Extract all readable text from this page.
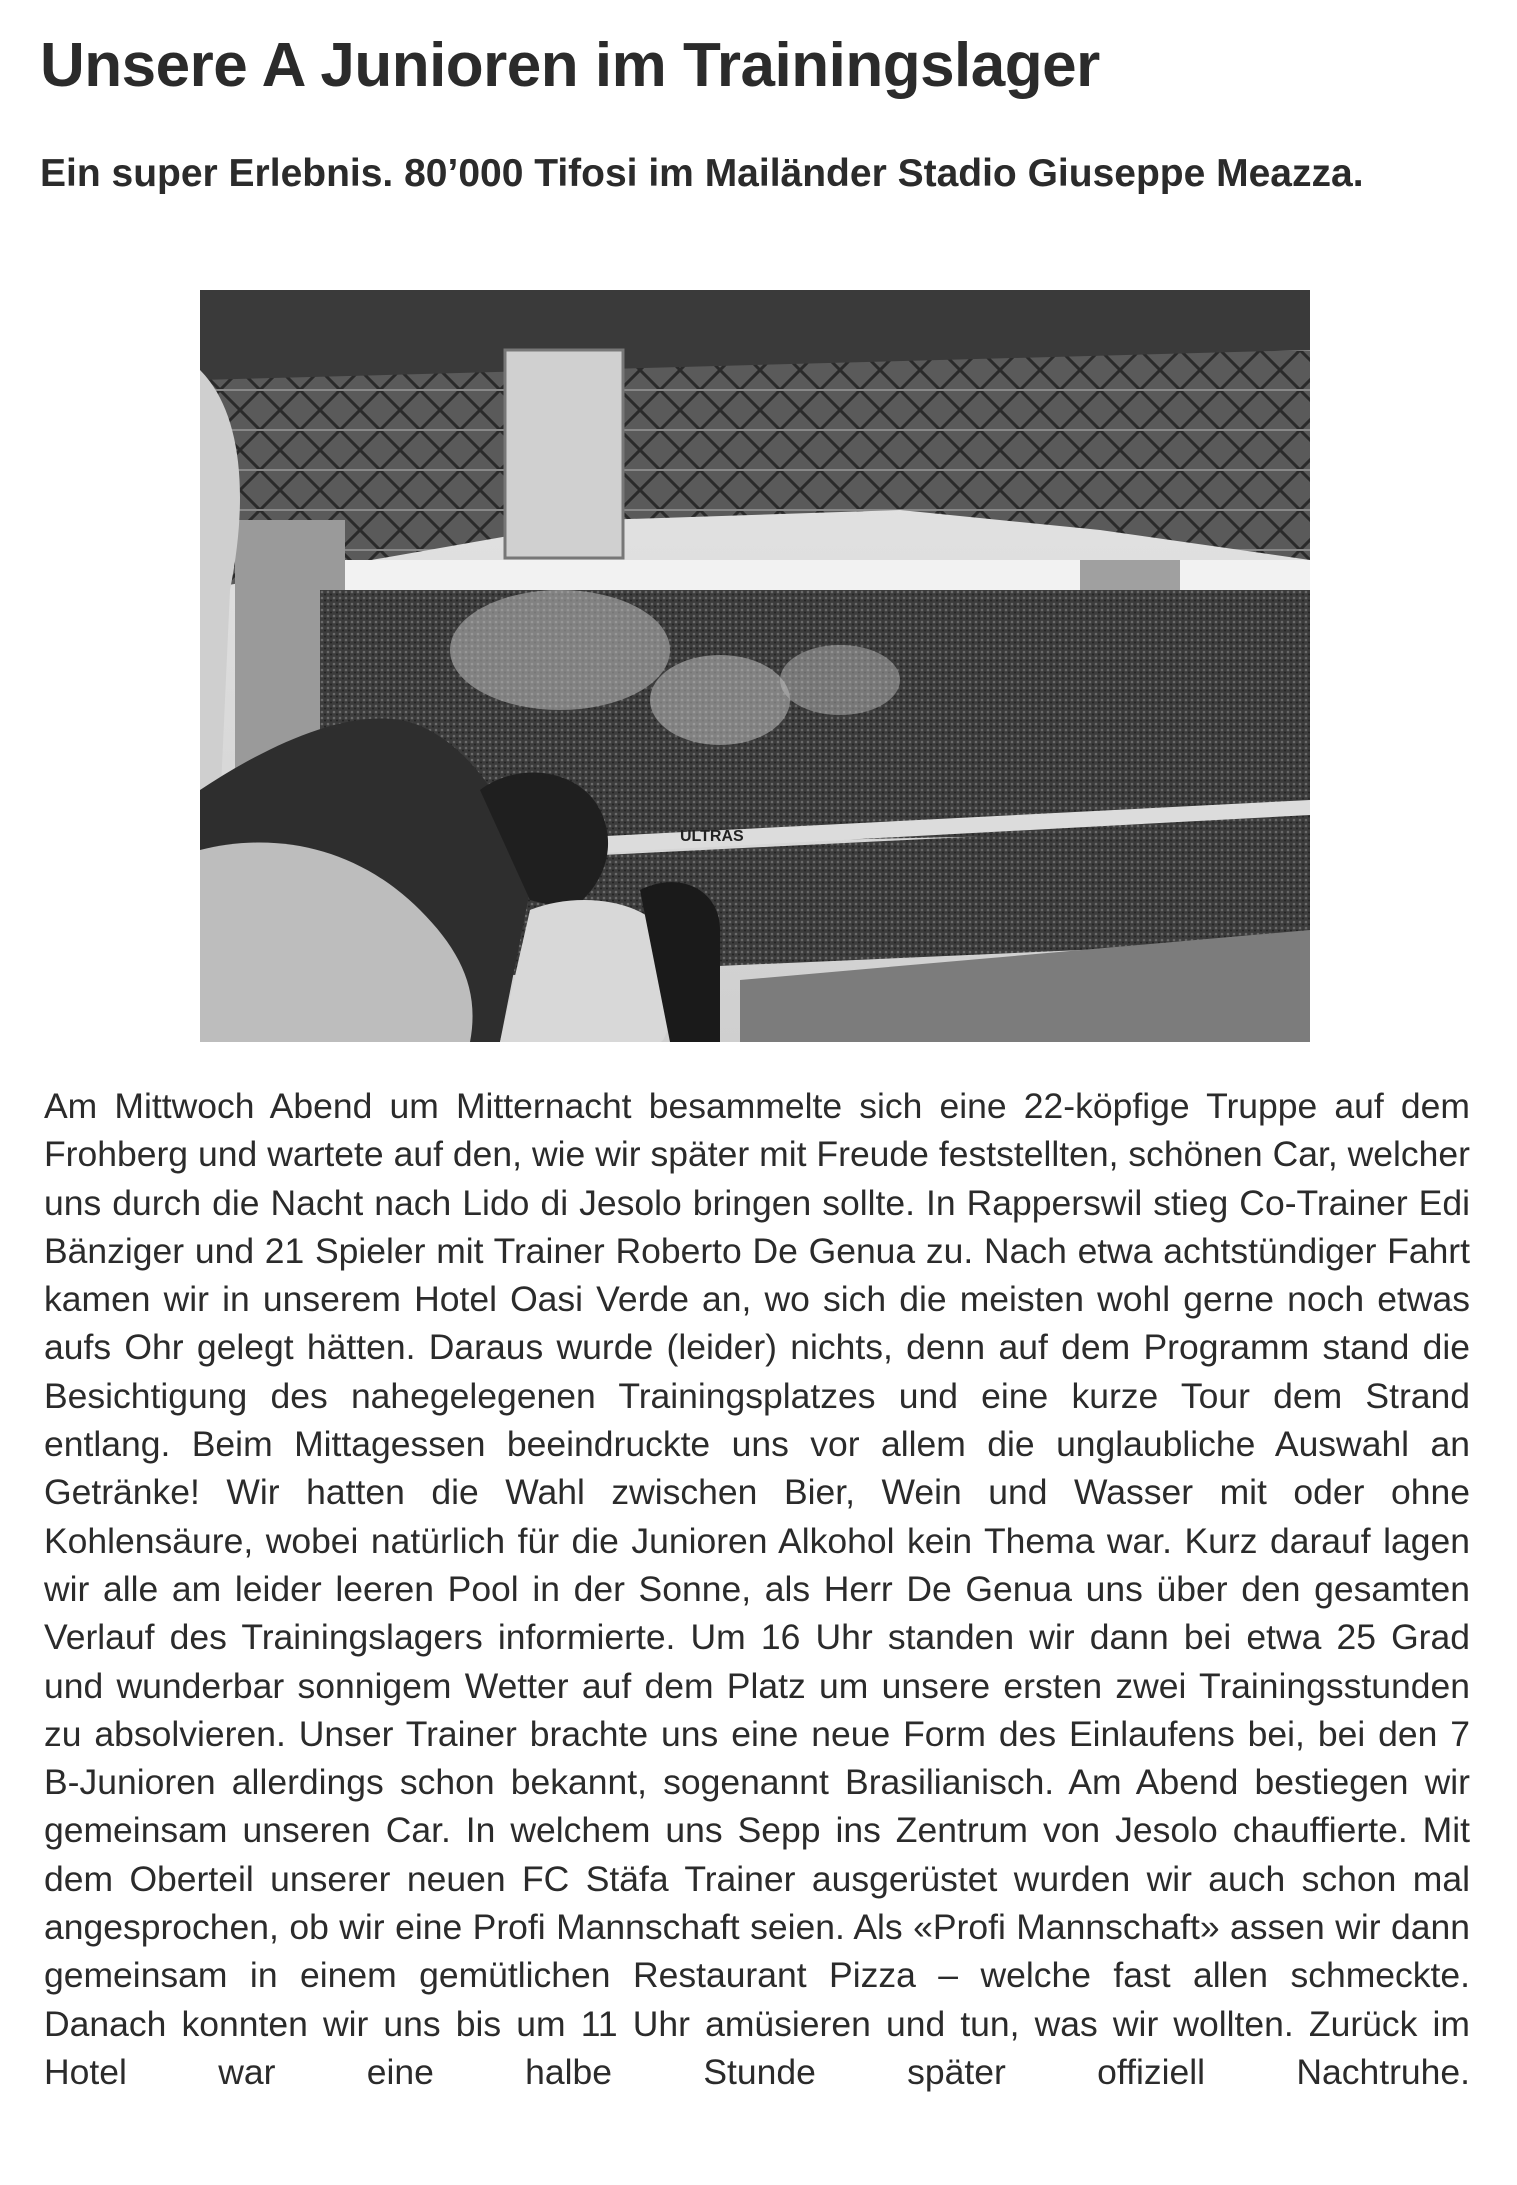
Unsere A Junioren im Trainingslager
Ein super Erlebnis. 80’000 Tifosi im Mailänder Stadio Giuseppe Meazza.
ULTRAS

Am Mittwoch Abend um Mitternacht besammelte sich eine 22-köpfige Truppe auf dem Frohberg und wartete auf den, wie wir später mit Freude feststellten, schönen Car, welcher uns durch die Nacht nach Lido di Jesolo bringen sollte. In Rapperswil stieg Co-Trainer Edi Bänziger und 21 Spieler mit Trainer Roberto De Genua zu. Nach etwa achtstündiger Fahrt kamen wir in unserem Hotel Oasi Verde an, wo sich die meisten wohl gerne noch etwas aufs Ohr gelegt hätten. Daraus wurde (leider) nichts, denn auf dem Programm stand die Besichtigung des nahegelegenen Trainingsplatzes und eine kurze Tour dem Strand entlang. Beim Mittagessen beeindruckte uns vor allem die unglaubliche Auswahl an Getränke! Wir hatten die Wahl zwischen Bier, Wein und Wasser mit oder ohne Kohlensäure, wobei natürlich für die Junioren Alkohol kein Thema war. Kurz darauf lagen wir alle am leider leeren Pool in der Sonne, als Herr De Genua uns über den gesamten Verlauf des Trainingslagers informierte. Um 16 Uhr standen wir dann bei etwa 25 Grad und wunderbar sonnigem Wetter auf dem Platz um unsere ersten zwei Trainingsstunden zu absolvieren. Unser Trainer brachte uns eine neue Form des Einlaufens bei, bei den 7 B-Junioren allerdings schon bekannt, sogenannt Brasilianisch. Am Abend bestiegen wir gemeinsam unseren Car. In welchem uns Sepp ins Zentrum von Jesolo chauffierte. Mit dem Oberteil unserer neuen FC Stäfa Trainer ausgerüstet wurden wir auch schon mal angesprochen, ob wir eine Profi Mannschaft seien. Als «Profi Mannschaft» assen wir dann gemeinsam in einem gemütlichen Restaurant Pizza – welche fast allen schmeckte. Danach konnten wir uns bis um 11 Uhr amüsieren und tun, was wir wollten. Zurück im Hotel war eine halbe Stunde später offiziell Nachtruhe.
